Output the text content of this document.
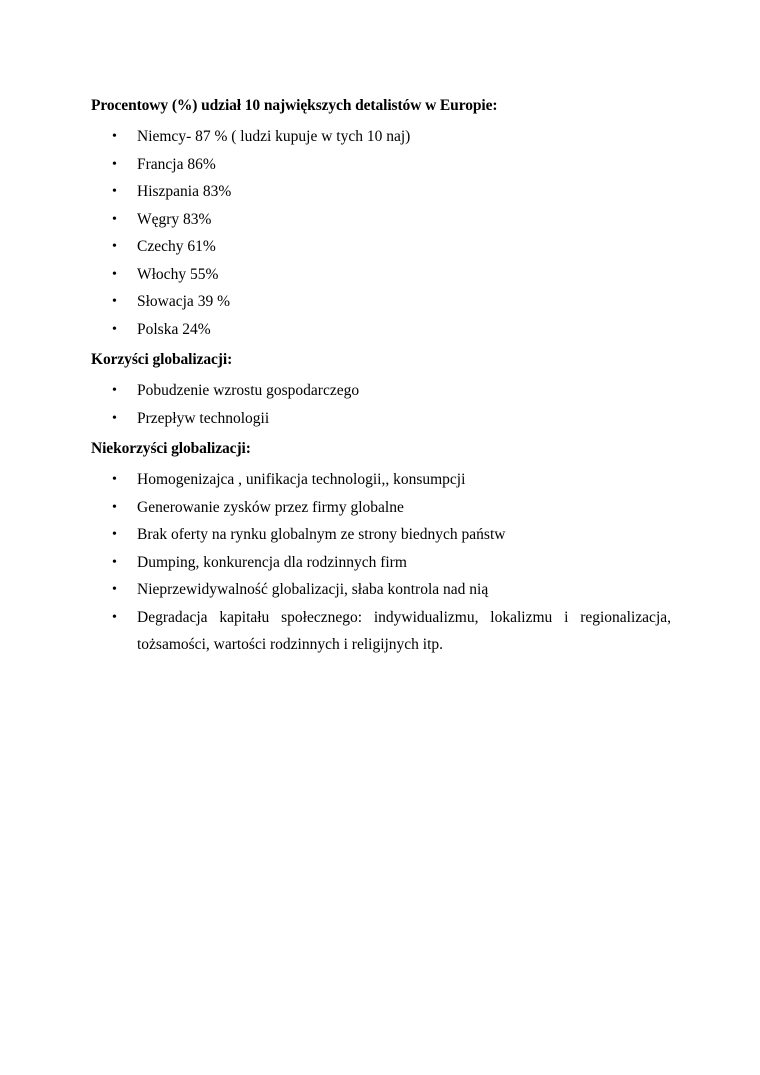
Procentowy (%) udział 10 największych detalistów w Europie:

• Niemcy- 87 % ( ludzi kupuje w tych 10 naj)
• Francja 86%
• Hiszpania 83%
• Węgry 83%
• Czechy 61%
• Włochy 55%
• Słowacja 39 %
• Polska 24%

Korzyści globalizacji:

• Pobudzenie wzrostu gospodarczego
• Przepływ technologii

Niekorzyści globalizacji:

• Homogenizajca , unifikacja technologii,, konsumpcji
• Generowanie zysków przez firmy globalne
• Brak oferty na rynku globalnym ze strony biednych państw
• Dumping, konkurencja dla rodzinnych firm
• Nieprzewidywalność globalizacji, słaba kontrola nad nią
• Degradacja kapitału społecznego: indywidualizmu, lokalizmu i regionalizacja, tożsamości, wartości rodzinnych i religijnych itp.
